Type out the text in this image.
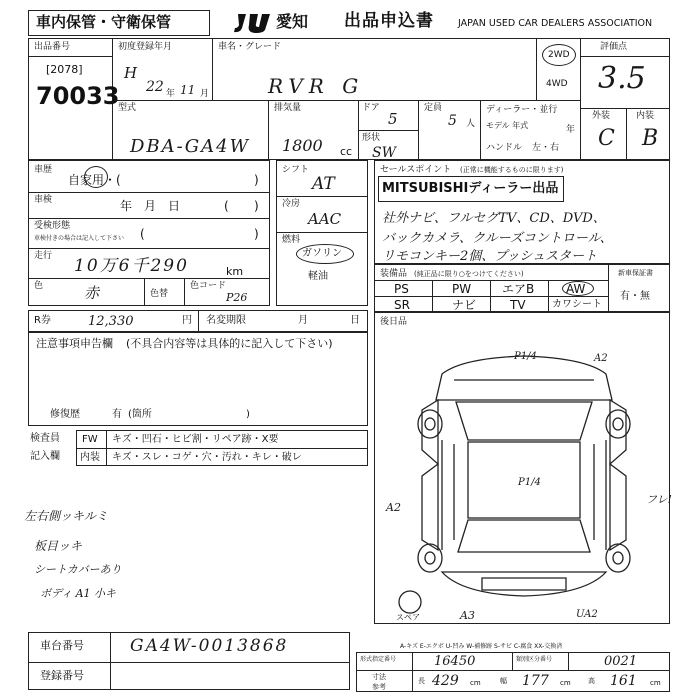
車内保管・守衛保管	愛知 出品申込書	JAPAN USED CAR DEALERS ASSOCIATION
出品番号
[2078]
70033
初度登録年月
H
22 年 11 月
車名・グレード
RVR G
2WD
4WD
評価点
3.5
外装	内装
C B
型式
DBA-GA4W
排気量
1800 cc
ドア
5
形状
SW
定員
5 人
ディーラー・並行
モデル 年式	年
ハンドル 左・右
車歴
自家用・(	)
車検	年　月　日	( )
受検形態
車検付きの場合は記入して下さい (	)
走行 10万6千290	km
色	赤	色替
色コード
P26
シフト
AT
冷房
AAC
燃料
ガソリン
軽油
セールスポイント (正常に機能するものに限ります)
MITSUBISHIディーラー出品
社外ナビ、フルセグTV、CD、DVD、
バックカメラ、クルーズコントロール、
リモコンキー2個、プッシュスタート
装備品 (純正品に限り○をつけてください)
PS	PW	エアB	AW
SR	ナビ	TV	カワシート
新車保証書
有・無
R券	12,330	円 名変期限	月	日 後日品
注意事項申告欄 (不具合内容等は具体的に記入して下さい)
修復歴	有 (箇所	)
検査員
記入欄
FW キズ・凹石・ヒビ割・リペア跡・X要
内装 キズ・スレ・コゲ・穴・汚れ・キレ・破レ
左右側ッキルミ
板目ッキ
シートカバーあり
ボディ A1 小キ
P1/4	A2
P1/4
A2
A3	UA2
フレ!
スペア
A-キズ E-エクボ U-凹み W-補修跡 S-サビ C-腐食 XX-交換済
車台番号	GA4W-0013868
登録番号
形式指定番号	16450	類別区分番号	0021
寸法
参考
長 429 cm	幅 177 cm 高 161 cm
